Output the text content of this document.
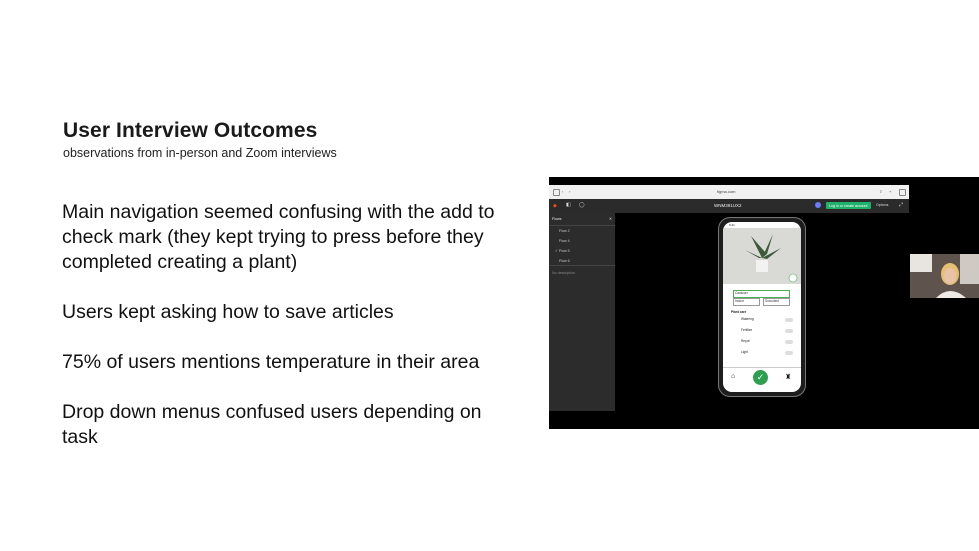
User Interview Outcomes
observations from in-person and Zoom interviews

Main navigation seemed confusing with the add to check mark (they kept trying to press before they completed creating a plant)

Users kept asking how to save articles

75% of users mentions temperature in their area

Drop down menus confused users depending on task

‹	›	figma.com	⇪	+
◆ ◧ ◯	WNM391UX2	Log in or create account	Options ⤢
Flows	✕
Flow 2
Flow 4
✓ Flow 5
Flow 6
No description
9:41
Cactuser
Indoor	Succulent
Plant care
Watering
Fertilize
Repot
Light
⌂	✓	♜
